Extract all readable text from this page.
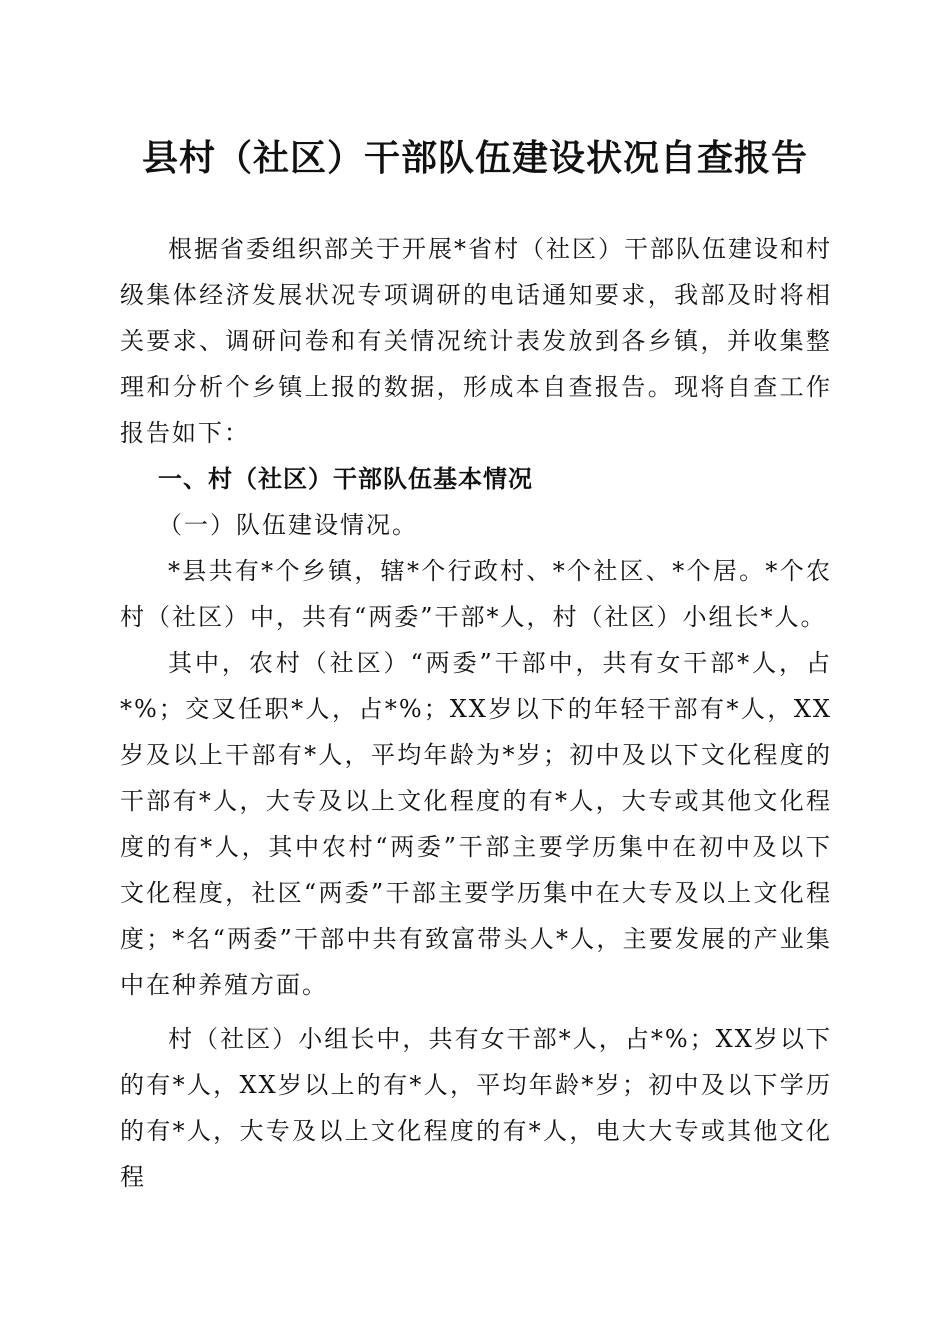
县村（社区）干部队伍建设状况自查报告

根据省委组织部关于开展*省村（社区）干部队伍建设和村级集体经济发展状况专项调研的电话通知要求，我部及时将相关要求、调研问卷和有关情况统计表发放到各乡镇，并收集整理和分析个乡镇上报的数据，形成本自查报告。现将自查工作报告如下：

一、村（社区）干部队伍基本情况

（一）队伍建设情况。

*县共有*个乡镇，辖*个行政村、*个社区、*个居。*个农村（社区）中，共有“两委”干部*人，村（社区）小组长*人。

其中，农村（社区）“两委”干部中，共有女干部*人，占*%；交叉任职*人，占*%；XX岁以下的年轻干部有*人，XX岁及以上干部有*人，平均年龄为*岁；初中及以下文化程度的干部有*人，大专及以上文化程度的有*人，大专或其他文化程度的有*人，其中农村“两委”干部主要学历集中在初中及以下文化程度，社区“两委”干部主要学历集中在大专及以上文化程度；*名“两委”干部中共有致富带头人*人，主要发展的产业集中在种养殖方面。

村（社区）小组长中，共有女干部*人，占*%；XX岁以下的有*人，XX岁以上的有*人，平均年龄*岁；初中及以下学历的有*人，大专及以上文化程度的有*人，电大大专或其他文化程
